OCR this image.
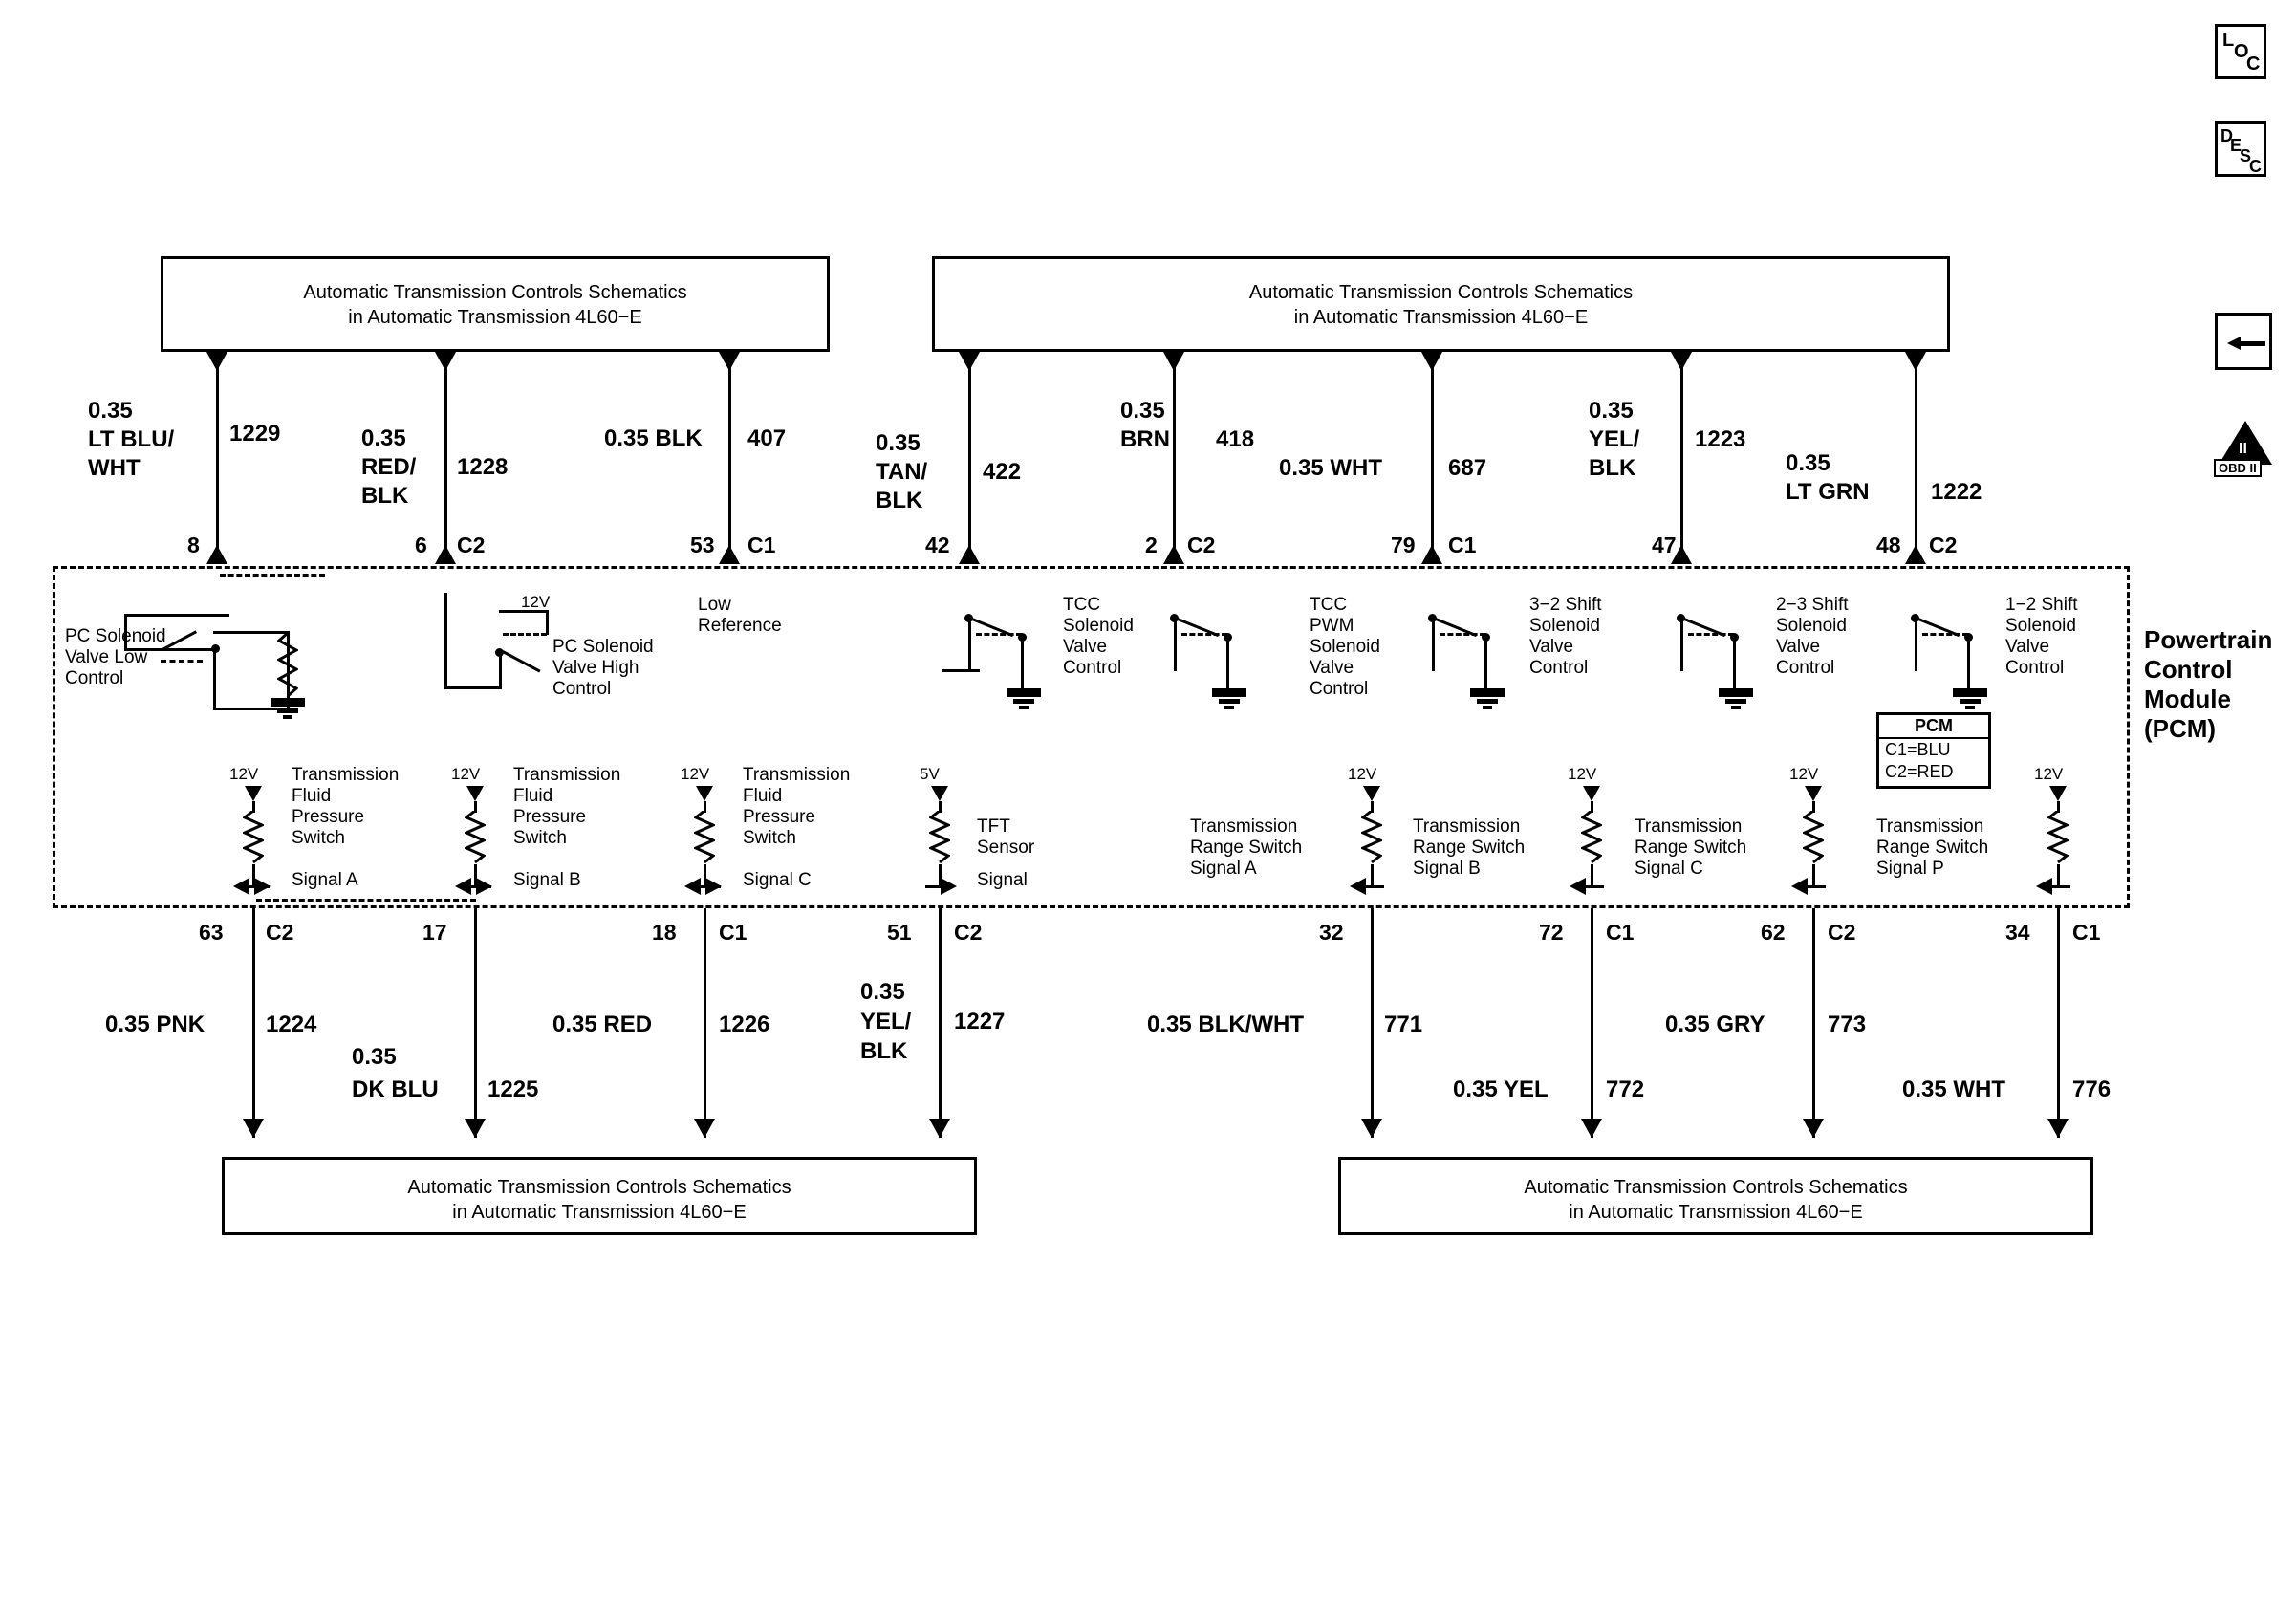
L
O
C
D
E
S
C
II
OBD II
Automatic Transmission Controls Schematics
in Automatic Transmission 4L60−E
Automatic Transmission Controls Schematics
in Automatic Transmission 4L60−E
Automatic Transmission Controls Schematics
in Automatic Transmission 4L60−E
Automatic Transmission Controls Schematics
in Automatic Transmission 4L60−E
Powertrain
Control
Module
(PCM)
PCM
C1=BLU
C2=RED
0.35
LT BLU/
WHT
1229
8
0.35
RED/
BLK
1228
6 C2
0.35 BLK 407
53 C1
0.35
TAN/
BLK
422
42
0.35
BRN 418
2 C2
0.35 WHT	687
79 C1
0.35
YEL/
BLK
1223
47
0.35
LT GRN	1222
48 C2
PC Solenoid
Valve Low
Control
12V
PC Solenoid
Valve High
Control
Low
Reference
TCC
Solenoid
Valve
Control
TCC
PWM
Solenoid
Valve
Control
3−2 Shift
Solenoid
Valve
Control
2−3 Shift
Solenoid
Valve
Control
1−2 Shift
Solenoid
Valve
Control
12V Transmission
Fluid
Pressure
Switch
Signal A
12V Transmission
Fluid
Pressure
Switch
Signal B
12V Transmission
Fluid
Pressure
Switch
Signal C
5V
TFT
Sensor
Signal
12V
Transmission
Range Switch
Signal A
12V
Transmission
Range Switch
Signal B
12V
Transmission
Range Switch
Signal C
12V
Transmission
Range Switch
Signal P
63 C2
0.35 PNK	1224
17
0.35
DK BLU 1225
18 C1
0.35 RED	1226
51 C2
0.35
YEL/
BLK
1227
32
0.35 BLK/WHT	771
72 C1
0.35 YEL	772
62 C2
0.35 GRY	773
34 C1
0.35 WHT	776
